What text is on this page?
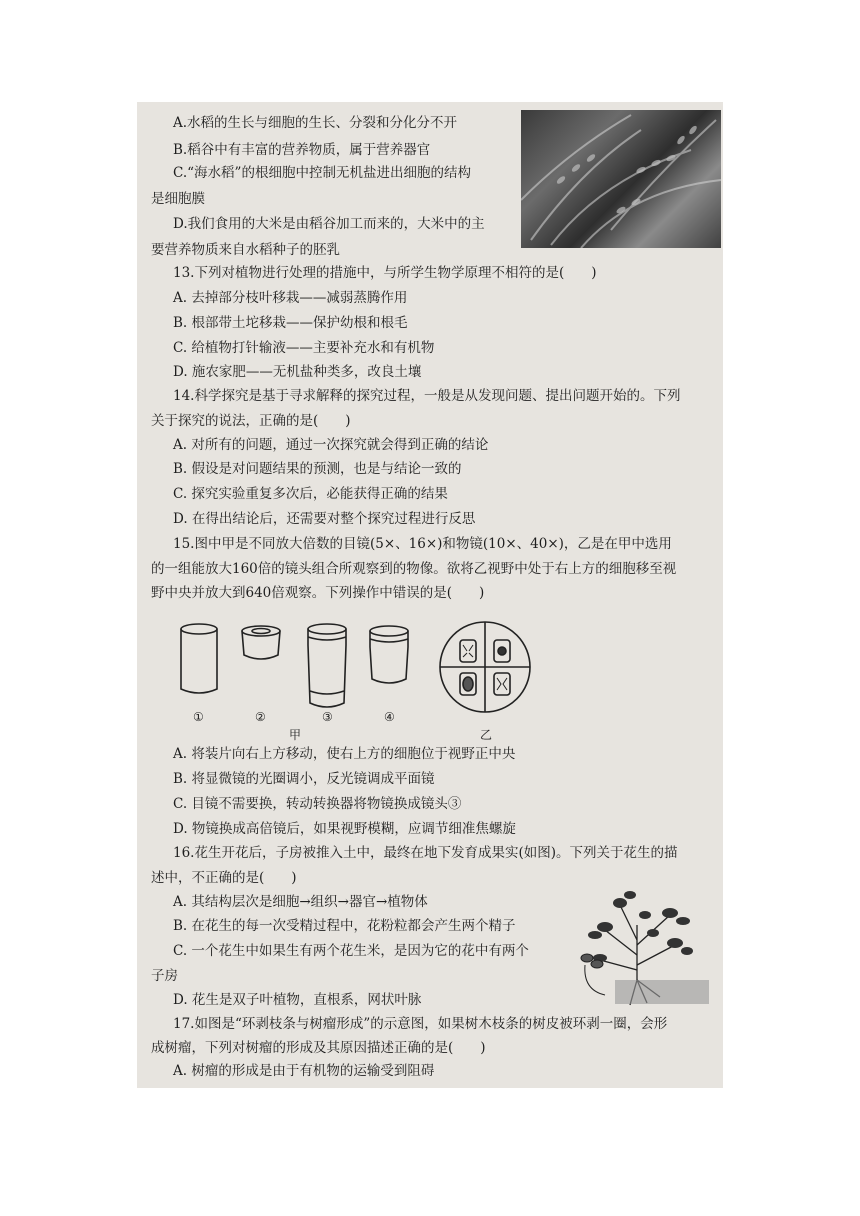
A.水稻的生长与细胞的生长、分裂和分化分不开
B.稻谷中有丰富的营养物质，属于营养器官
C.“海水稻”的根细胞中控制无机盐进出细胞的结构
是细胞膜
D.我们食用的大米是由稻谷加工而来的，大米中的主
要营养物质来自水稻种子的胚乳
13.下列对植物进行处理的措施中，与所学生物学原理不相符的是(　　)
A. 去掉部分枝叶移栽——减弱蒸腾作用
B. 根部带土坨移栽——保护幼根和根毛
C. 给植物打针输液——主要补充水和有机物
D. 施农家肥——无机盐种类多，改良土壤
14.科学探究是基于寻求解释的探究过程，一般是从发现问题、提出问题开始的。下列
关于探究的说法，正确的是(　　)
A. 对所有的问题，通过一次探究就会得到正确的结论
B. 假设是对问题结果的预测，也是与结论一致的
C. 探究实验重复多次后，必能获得正确的结果
D. 在得出结论后，还需要对整个探究过程进行反思
15.图中甲是不同放大倍数的目镜(5×、16×)和物镜(10×、40×)，乙是在甲中选用
的一组能放大160倍的镜头组合所观察到的物像。欲将乙视野中处于右上方的细胞移至视
野中央并放大到640倍观察。下列操作中错误的是(　　)
A. 将装片向右上方移动，使右上方的细胞位于视野正中央
B. 将显微镜的光圈调小，反光镜调成平面镜
C. 目镜不需要换，转动转换器将物镜换成镜头③
D. 物镜换成高倍镜后，如果视野模糊，应调节细准焦螺旋
16.花生开花后，子房被推入土中，最终在地下发育成果实(如图)。下列关于花生的描
述中，不正确的是(　　)
A. 其结构层次是细胞→组织→器官→植物体
B. 在花生的每一次受精过程中，花粉粒都会产生两个精子
C. 一个花生中如果生有两个花生米，是因为它的花中有两个
子房
D. 花生是双子叶植物，直根系，网状叶脉
17.如图是“环剥枝条与树瘤形成”的示意图，如果树木枝条的树皮被环剥一圈，会形
成树瘤，下列对树瘤的形成及其原因描述正确的是(　　)
A. 树瘤的形成是由于有机物的运输受到阻碍
①	②	③	④
甲	乙
